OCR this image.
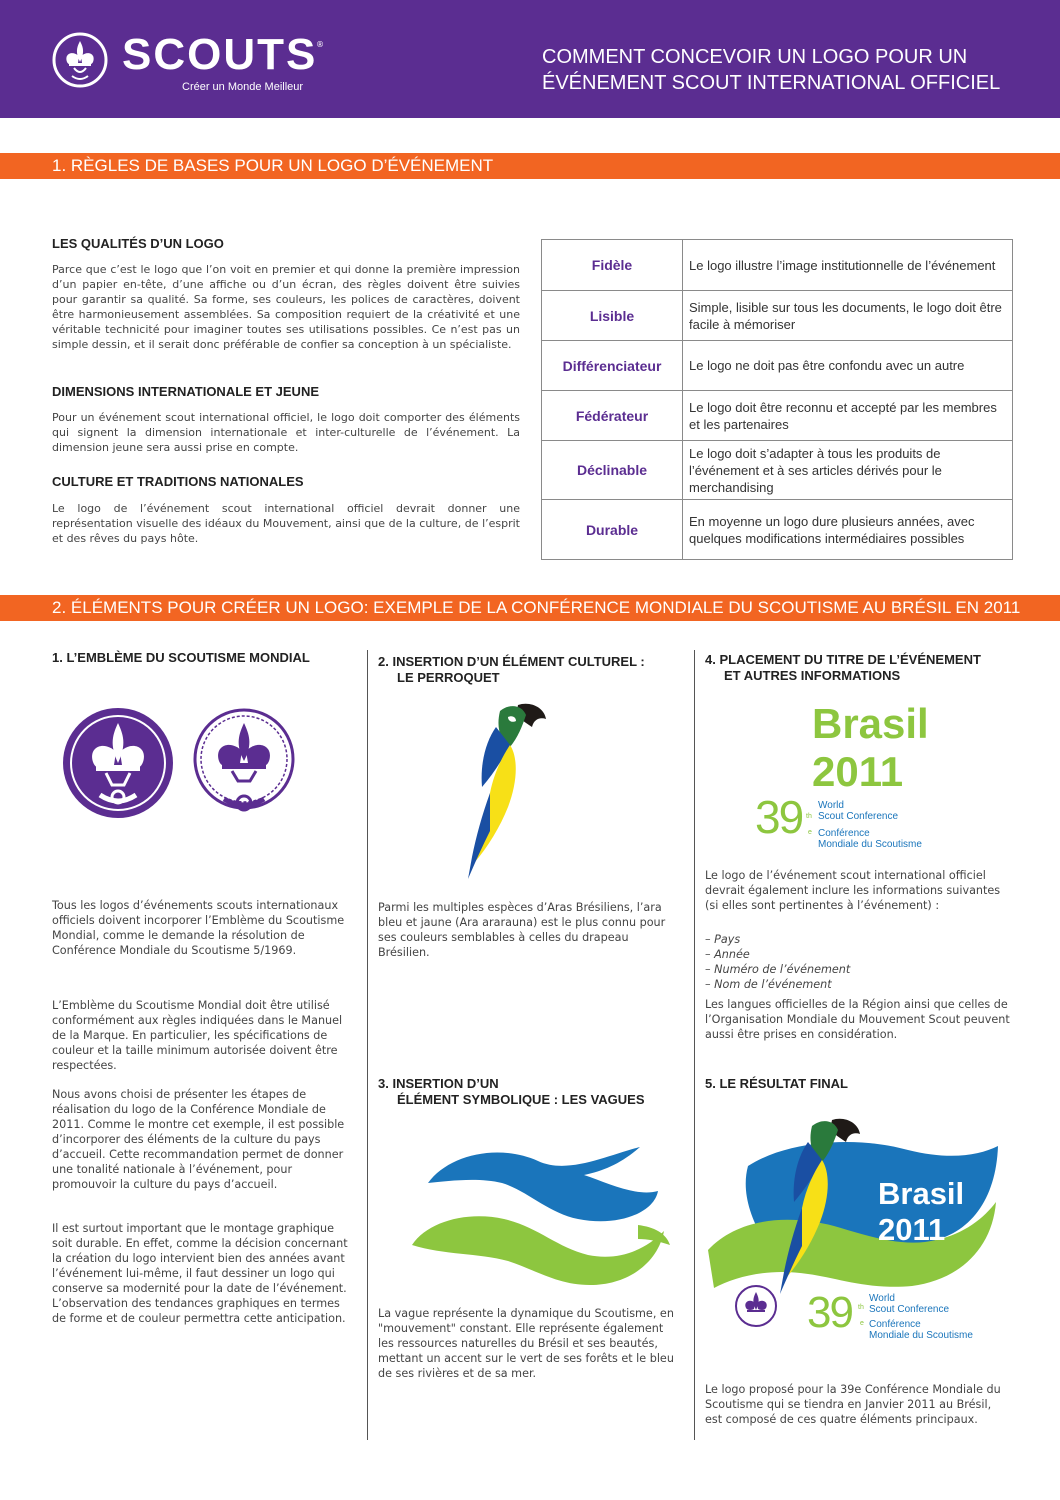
SCOUTS
®
Créer un Monde Meilleur
COMMENT CONCEVOIR UN LOGO POUR UN
ÉVÉNEMENT SCOUT INTERNATIONAL OFFICIEL
1. RÈGLES DE BASES POUR UN LOGO D’ÉVÉNEMENT
LES QUALITÉS D’UN LOGO
Parce que c’est le logo que l’on voit en premier et qui donne la première impression d’un papier en-tête, d’une affiche ou d’un écran, des règles doivent être suivies pour garantir sa qualité. Sa forme, ses couleurs, les polices de caractères, doivent être harmonieusement assemblées. Sa composition requiert de la créativité et une véritable technicité pour imaginer toutes ses utilisations possibles. Ce n’est pas un simple dessin, et il serait donc préférable de confier sa conception à un spécialiste.
DIMENSIONS INTERNATIONALE ET JEUNE
Pour un événement scout international officiel, le logo doit comporter des éléments qui signent la dimension internationale et inter-culturelle de l’événement. La dimension jeune sera aussi prise en compte.
CULTURE ET TRADITIONS NATIONALES
Le logo de l’événement scout international officiel devrait donner une représentation visuelle des idéaux du Mouvement, ainsi que de la culture, de l’esprit et des rêves du pays hôte.
Fidèle	Le logo illustre l’image institutionnelle de l’événement
Lisible	Simple, lisible sur tous les documents, le logo doit être facile à mémoriser
Différenciateur	Le logo ne doit pas être confondu avec un autre
Fédérateur	Le logo doit être reconnu et accepté par les membres et les partenaires
Déclinable	Le logo doit s’adapter à tous les produits de l’événement et à ses articles dérivés pour le merchandising
Durable	En moyenne un logo dure plusieurs années, avec quelques modifications intermédiaires possibles
2. ÉLÉMENTS POUR CRÉER UN LOGO: EXEMPLE DE LA CONFÉRENCE MONDIALE DU SCOUTISME AU BRÉSIL EN 2011
1. L’EMBLÈME DU SCOUTISME MONDIAL
Tous les logos d’événements scouts internationaux officiels doivent incorporer l’Emblème du Scoutisme Mondial, comme le demande la résolution de Conférence Mondiale du Scoutisme 5/1969.
L’Emblème du Scoutisme Mondial doit être utilisé conformément aux règles indiquées dans le Manuel de la Marque. En particulier, les spécifications de couleur et la taille minimum autorisée doivent être respectées.
Nous avons choisi de présenter les étapes de réalisation du logo de la Conférence Mondiale de 2011. Comme le montre cet exemple, il est possible d’incorporer des éléments de la culture du pays d’accueil. Cette recommandation permet de donner une tonalité nationale à l’événement, pour promouvoir la culture du pays d’accueil.
Il est surtout important que le montage graphique soit durable. En effet, comme la décision concernant la création du logo intervient bien des années avant l’événement lui-même, il faut dessiner un logo qui conserve sa modernité pour la date de l’événement. L’observation des tendances graphiques en termes de forme et de couleur permettra cette anticipation.
2. INSERTION D’UN ÉLÉMENT CULTUREL :
LE PERROQUET
Parmi les multiples espèces d’Aras Brésiliens, l’ara bleu et jaune (Ara ararauna) est le plus connu pour ses couleurs semblables à celles du drapeau Brésilien.
3. INSERTION D’UN
ÉLÉMENT SYMBOLIQUE : LES VAGUES
La vague représente la dynamique du Scoutisme, en "mouvement" constant. Elle représente également les ressources naturelles du Brésil et ses beautés, mettant un accent sur le vert de ses forêts et le bleu de ses rivières et de sa mer.
4. PLACEMENT DU TITRE DE L’ÉVÉNEMENT
ET AUTRES INFORMATIONS
Brasil
2011
39 th
e
World
Scout Conference
Conférence
Mondiale du Scoutisme
Le logo de l’événement scout international officiel devrait également inclure les informations suivantes (si elles sont pertinentes à l’événement) :
– Pays
– Année
– Numéro de l’événement
– Nom de l’événement
Les langues officielles de la Région ainsi que celles de l’Organisation Mondiale du Mouvement Scout peuvent aussi être prises en considération.
5. LE RÉSULTAT FINAL
Brasil
2011
39 th
e
World
Scout Conference
Conférence
Mondiale du Scoutisme
Le logo proposé pour la 39e Conférence Mondiale du Scoutisme qui se tiendra en Janvier 2011 au Brésil, est composé de ces quatre éléments principaux.
